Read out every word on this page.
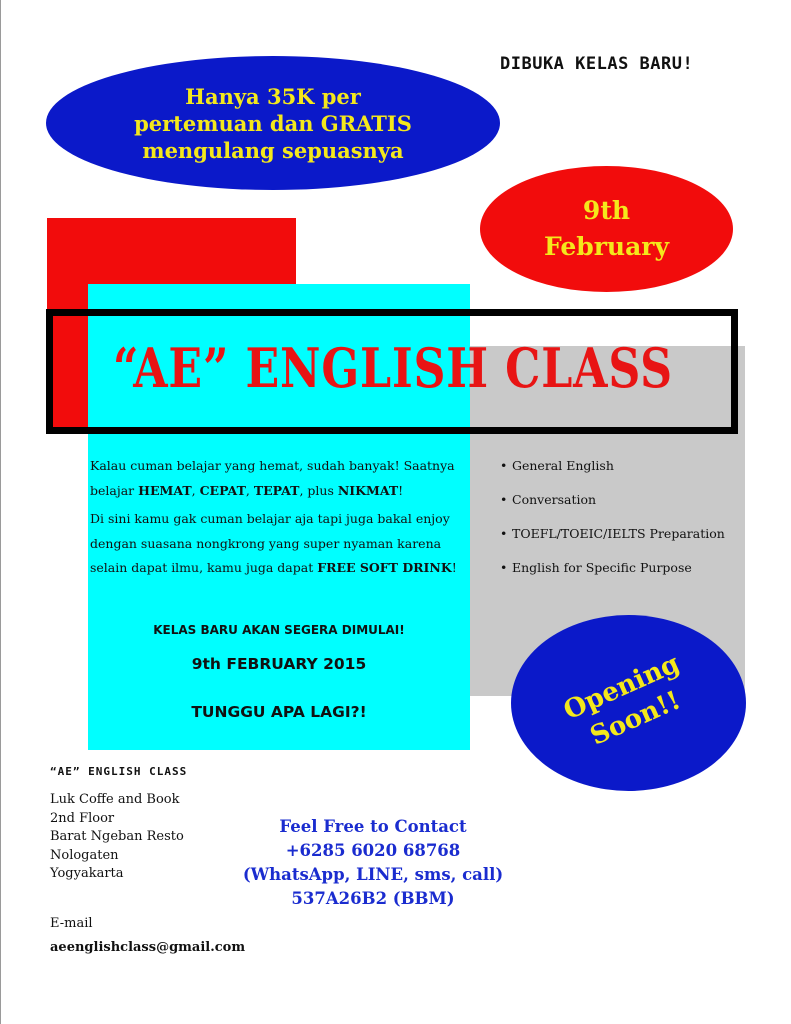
DIBUKA KELAS BARU!
Hanya 35K per
pertemuan dan GRATIS
mengulang sepuasnya
9th
February
“AE” ENGLISH CLASS

Kalau cuman belajar yang hemat, sudah banyak! Saatnya belajar HEMAT, CEPAT, TEPAT, plus NIKMAT!

Di sini kamu gak cuman belajar aja tapi juga bakal enjoy dengan suasana nongkrong yang super nyaman karena selain dapat ilmu, kamu juga dapat FREE SOFT DRINK!

KELAS BARU AKAN SEGERA DIMULAI!
9th FEBRUARY 2015
TUNGGU APA LAGI?!
• General English
• Conversation
• TOEFL/TOEIC/IELTS Preparation
• English for Specific Purpose
Opening
Soon!!
“AE” ENGLISH CLASS
Luk Coffe and Book
2nd Floor
Barat Ngeban Resto
Nologaten
Yogyakarta
E-mail
aeenglishclass@gmail.com
Feel Free to Contact
+6285 6020 68768
(WhatsApp, LINE, sms, call)
537A26B2 (BBM)
